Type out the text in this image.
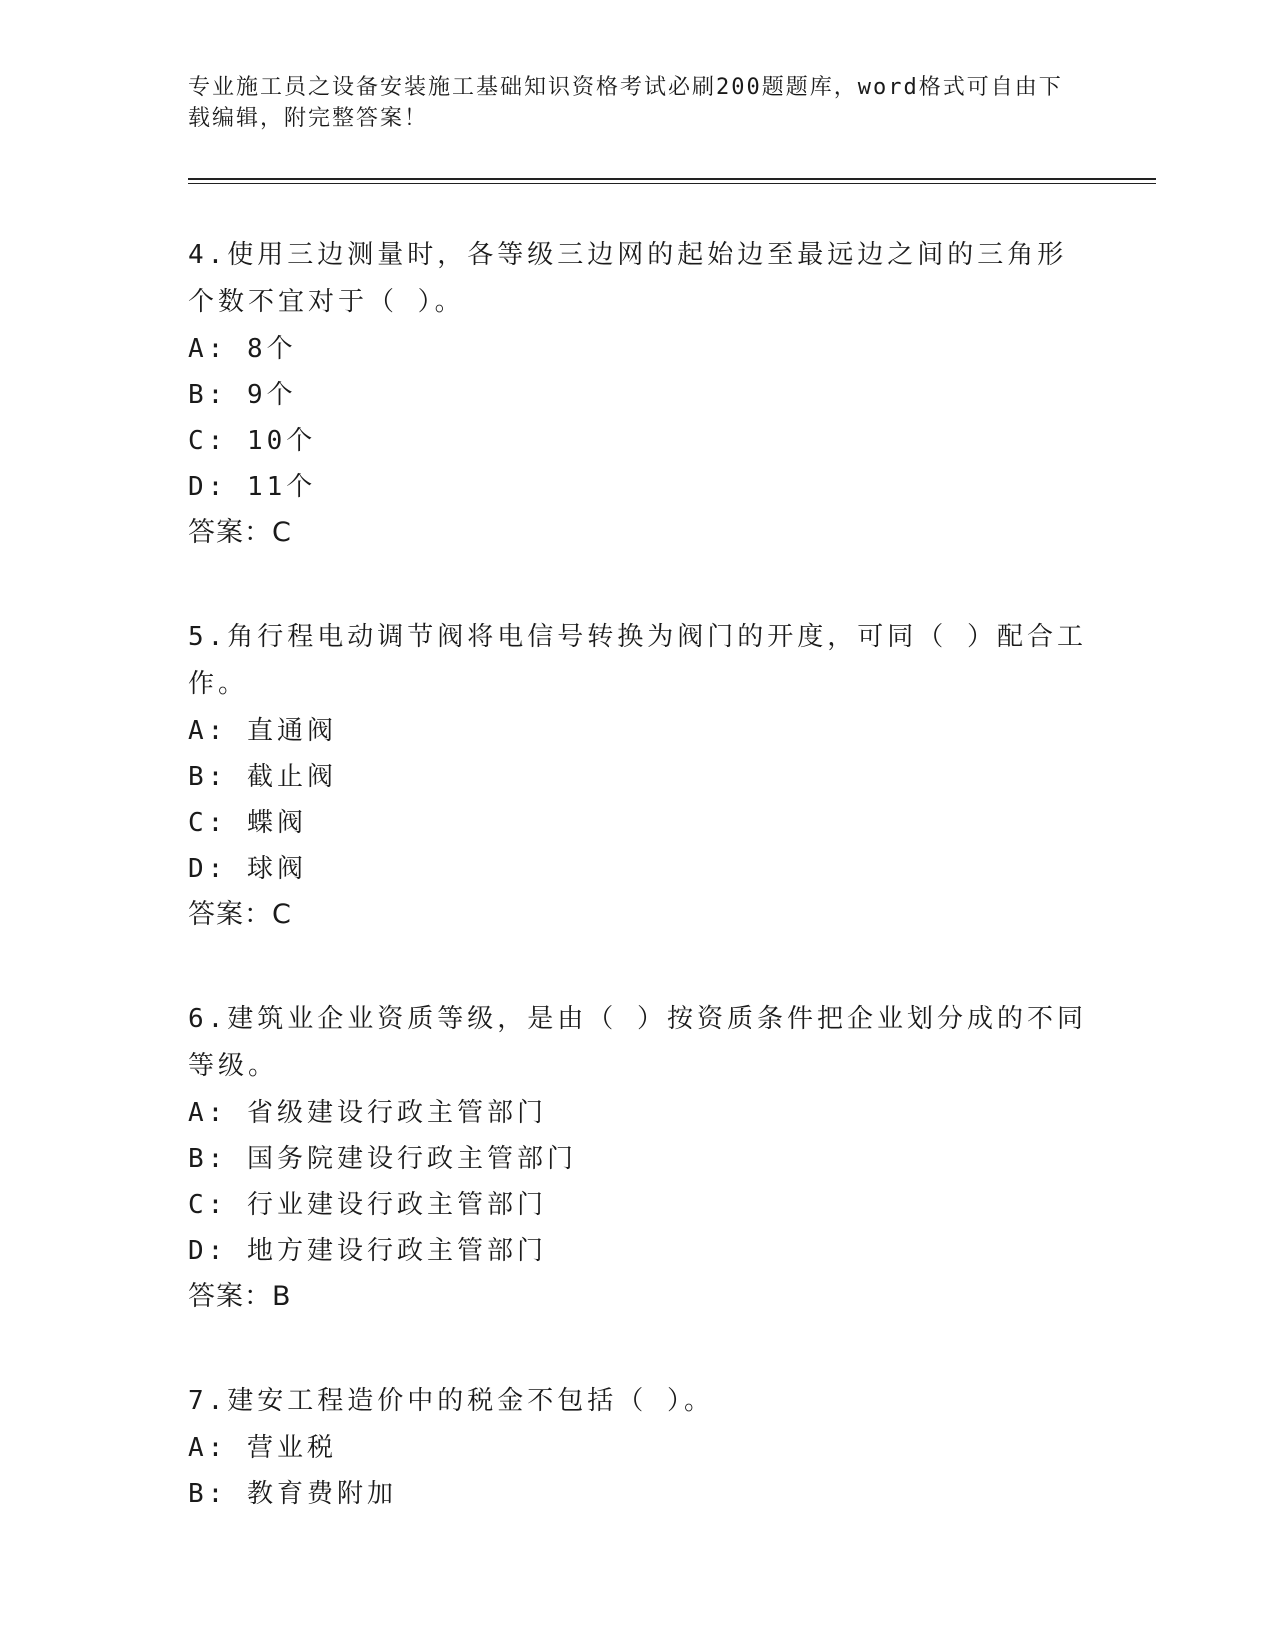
专业施工员之设备安装施工基础知识资格考试必刷200题题库，word格式可自由下载编辑，附完整答案！
4.使用三边测量时，各等级三边网的起始边至最远边之间的三角形个数不宜对于（ ）。
A: 8个
B: 9个
C: 10个
D: 11个
答案：C
5.角行程电动调节阀将电信号转换为阀门的开度，可同（ ）配合工作。
A: 直通阀
B: 截止阀
C: 蝶阀
D: 球阀
答案：C
6.建筑业企业资质等级，是由（ ）按资质条件把企业划分成的不同等级。
A: 省级建设行政主管部门
B: 国务院建设行政主管部门
C: 行业建设行政主管部门
D: 地方建设行政主管部门
答案：B
7.建安工程造价中的税金不包括（ ）。
A: 营业税
B: 教育费附加
